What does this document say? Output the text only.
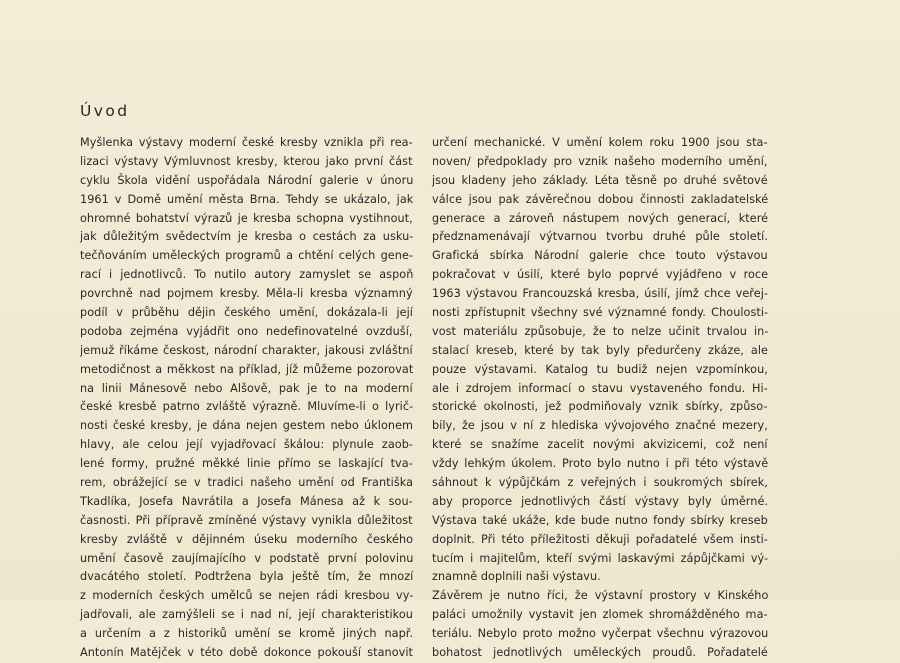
Úvod
Myšlenka výstavy moderní české kresby vznikla při rea-
lizaci výstavy Výmluvnost kresby, kterou jako první část
cyklu Škola vidění uspořádala Národní galerie v únoru
1961 v Domě umění města Brna. Tehdy se ukázalo, jak
ohromné bohatství výrazů je kresba schopna vystihnout,
jak důležitým svědectvím je kresba o cestách za usku-
tečňováním uměleckých programů a chtění celých gene-
rací i jednotlivců. To nutilo autory zamyslet se aspoň
povrchně nad pojmem kresby. Měla-li kresba významný
podíl v průběhu dějin českého umění, dokázala-li její
podoba zejména vyjádřit ono nedefinovatelné ovzduší,
jemuž říkáme českost, národní charakter, jakousi zvláštní
metodičnost a měkkost na příklad, jíž můžeme pozorovat
na linii Mánesově nebo Alšově, pak je to na moderní
české kresbě patrno zvláště výrazně. Mluvíme-li o lyrič-
nosti české kresby, je dána nejen gestem nebo úklonem
hlavy, ale celou její vyjadřovací škálou: plynule zaob-
lené formy, pružné měkké linie přímo se laskající tva-
rem, obrážející se v tradici našeho umění od Františka
Tkadlíka, Josefa Navrátila a Josefa Mánesa až k sou-
časnosti. Při přípravě zmíněné výstavy vynikla důležitost
kresby zvláště v dějinném úseku moderního českého
umění časově zaujímajícího v podstatě první polovinu
dvacátého století. Podtržena byla ještě tím, že mnozí
z moderních českých umělců se nejen rádi kresbou vy-
jadřovali, ale zamýšleli se i nad ní, její charakteristikou
a určením a z historiků umění se kromě jiných např.
Antonín Matějček v této době dokonce pokouší stanovit
určení mechanické. V umění kolem roku 1900 jsou sta-
noven/ předpoklady pro vznik našeho moderního umění,
jsou kladeny jeho základy. Léta těsně po druhé světové
válce jsou pak závěrečnou dobou činnosti zakladatelské
generace a zároveň nástupem nových generací, které
předznamenávají výtvarnou tvorbu druhé půle století.
Grafická sbírka Národní galerie chce touto výstavou
pokračovat v úsilí, které bylo poprvé vyjádřeno v roce
1963 výstavou Francouzská kresba, úsilí, jímž chce veřej-
nosti zpřístupnit všechny své významné fondy. Choulosti-
vost materiálu způsobuje, že to nelze učinit trvalou in-
stalací kreseb, které by tak byly předurčeny zkáze, ale
pouze výstavami. Katalog tu budiž nejen vzpomínkou,
ale i zdrojem informací o stavu vystaveného fondu. Hi-
storické okolnosti, jež podmiňovaly vznik sbírky, způso-
bily, že jsou v ní z hlediska vývojového značné mezery,
které se snažíme zacelit novými akvizicemi, což není
vždy lehkým úkolem. Proto bylo nutno i při této výstavě
sáhnout k výpůjčkám z veřejných i soukromých sbírek,
aby proporce jednotlivých částí výstavy byly úměrné.
Výstava také ukáže, kde bude nutno fondy sbírky kreseb
doplnit. Při této příležitosti děkuji pořadatelé všem insti-
tucím i majitelům, kteří svými laskavými zápůjčkami vý-
znamně doplnili naši výstavu.
Závěrem je nutno říci, že výstavní prostory v Kinského
paláci umožnily vystavit jen zlomek shromážděného ma-
teriálu. Nebylo proto možno vyčerpat všechnu výrazovou
bohatost jednotlivých uměleckých proudů. Pořadatelé
